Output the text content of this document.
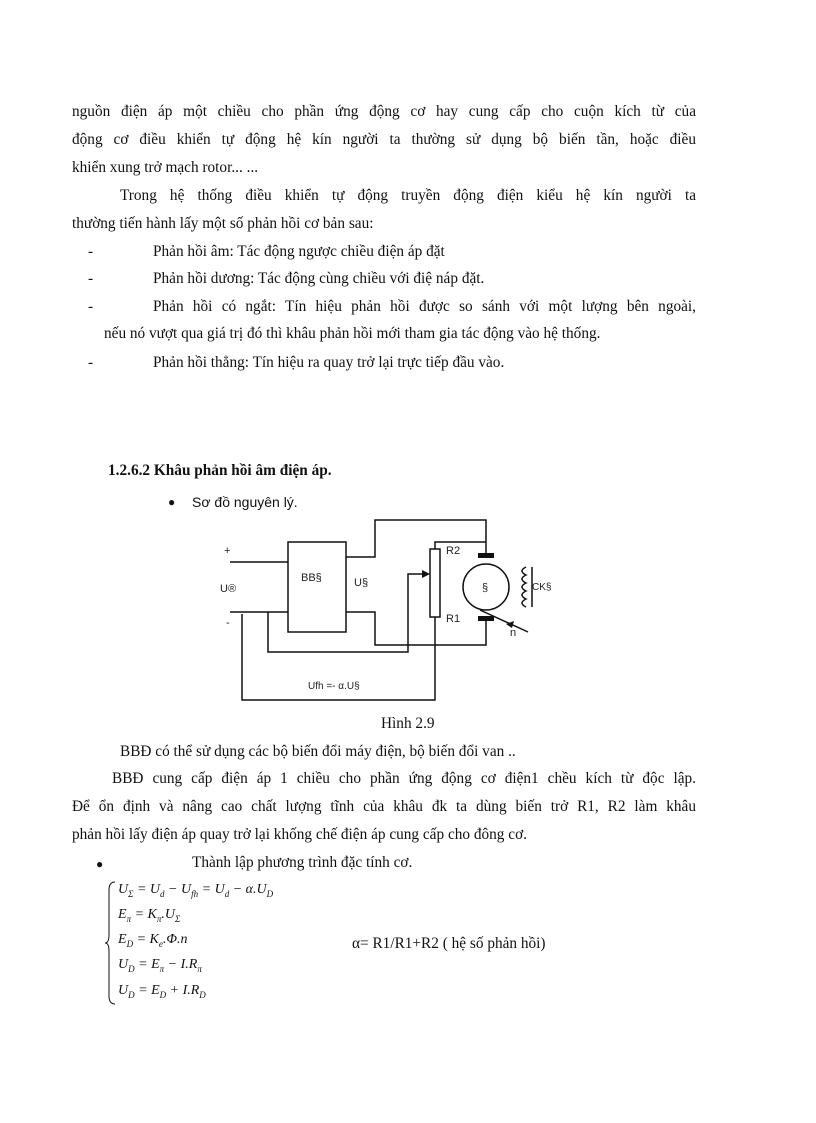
nguồn điện áp một chiều cho phần ứng động cơ hay cung cấp cho cuộn kích từ của
động cơ điều khiển tự động hệ kín người ta thường sử dụng bộ biến tần, hoặc điều
khiển xung trở mạch rotor... ...
Trong hệ thống điều khiển tự động truyền động điện kiểu hệ kín người ta
thường tiến hành lấy một số phản hồi cơ bản sau:
-	Phản hồi âm: Tác động ngược chiều điện áp đặt
-	Phản hồi dương: Tác động cùng chiều với điệ náp đặt.
-	Phản hồi có ngắt: Tín hiệu phản hồi được so sánh với một lượng bên ngoài,
nếu nó vượt qua giá trị đó thì khâu phản hồi mới tham gia tác động vào hệ thống.
-	Phản hồi thẳng: Tín hiệu ra quay trở lại trực tiếp đầu vào.
1.2.6.2 Khâu phản hồi âm điện áp.
● Sơ đồ nguyên lý.
+
U®
-
BB§	U§
R2
R1
§	CK§
n
Ufh =- α.U§
Hình 2.9
BBĐ có thể sử dụng các bộ biến đổi máy điện, bộ biến đổi van ..
BBĐ cung cấp điện áp 1 chiều cho phần ứng động cơ điện1 chều kích từ độc lập.
Để ổn định và nâng cao chất lượng tĩnh của khâu đk ta dùng biến trở R1, R2 làm khâu
phản hồi lấy điện áp quay trở lại khống chế điện áp cung cấp cho đông cơ.
●	Thành lập phương trình đặc tính cơ.
$U_\Sigma = U_d - U_{fh} = U_d - \alpha.U_D$
$E_\pi = K_\pi.U_\Sigma$
$E_D = K_e.\Phi.n$
$U_D = E_\pi - I.R_\pi$
$U_D = E_D + I.R_D$
α= R1/R1+R2 ( hệ số phản hồi)
